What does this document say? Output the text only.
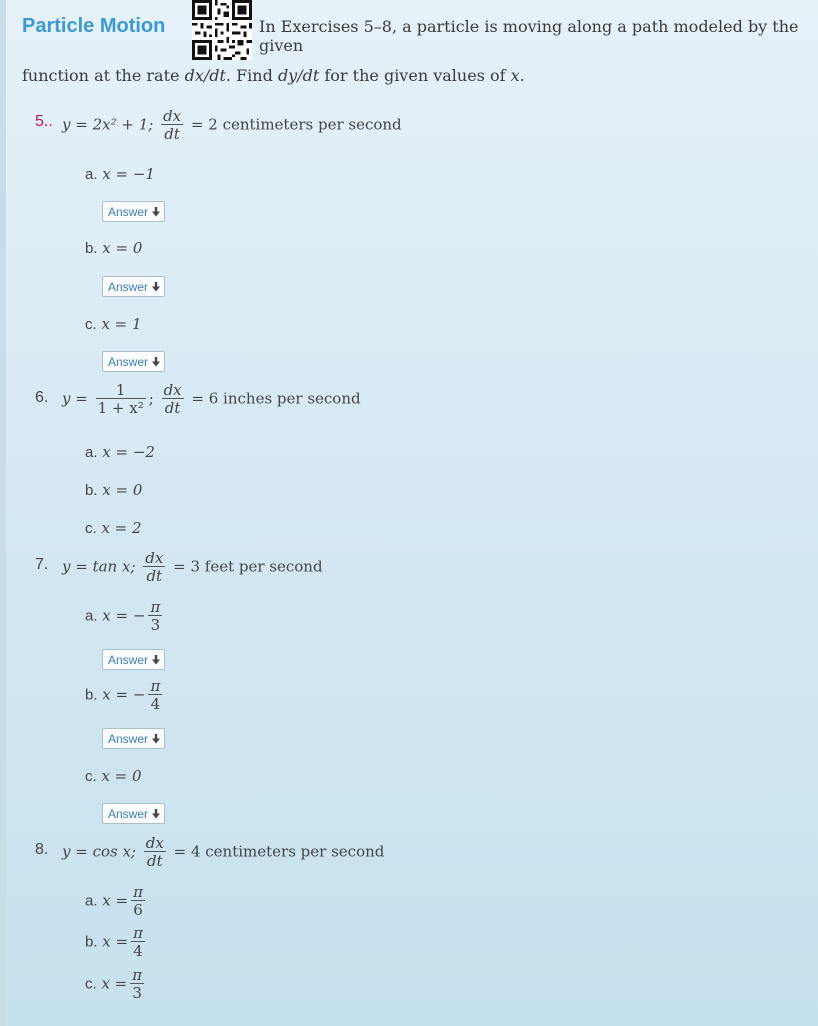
Particle Motion	In Exercises 5–8, a particle is moving along a path modeled by the given
function at the rate dx/dt. Find dy/dt for the given values of x.
5.. y = 2x² + 1; $\frac{dx}{dt} = 2$ centimeters per second
a. x = −1
Answer
b. x = 0
Answer
c. x = 1
Answer
6. $y = \frac{1}{\text{1 + x²}}$ ; $\frac{dx}{dt} = 6$ inches per second
a. x = −2
b. x = 0
c. x = 2
7. y = tan x; $\frac{dx}{dt} = 3$ feet per second
a. x = − $\frac{\pi}{3}$
Answer
b. x = − $\frac{\pi}{4}$
Answer
c. x = 0
Answer
8. y = cos x; $\frac{dx}{dt} = 4$ centimeters per second
a. $x = \frac{\pi}{6}$
b. $x = \frac{\pi}{4}$
c. $x = \frac{\pi}{3}$
